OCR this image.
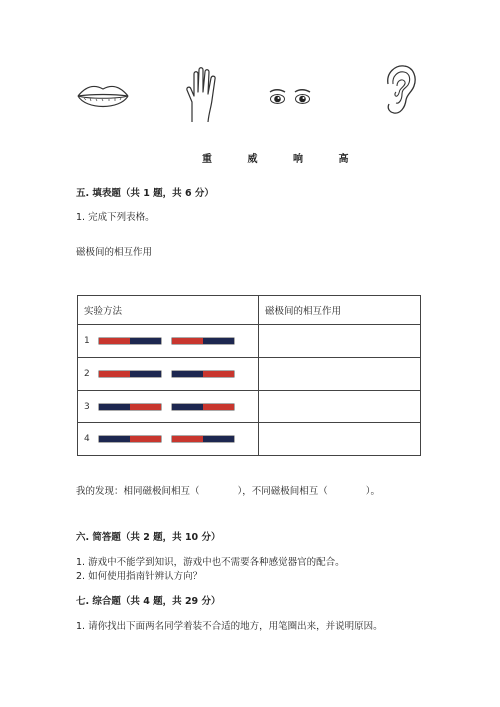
重 威 响 高
五. 填表题（共 1 题，共 6 分）
1. 完成下列表格。
磁极间的相互作用
实验方法	磁极间的相互作用
1	
2	
3	
4	
我的发现：相同磁极间相互（　　　　），不同磁极间相互（　　　　）。
六. 简答题（共 2 题，共 10 分）
1. 游戏中不能学到知识，游戏中也不需要各种感觉器官的配合。
2. 如何使用指南针辨认方向？
七. 综合题（共 4 题，共 29 分）
1. 请你找出下面两名同学着装不合适的地方，用笔圈出来，并说明原因。
